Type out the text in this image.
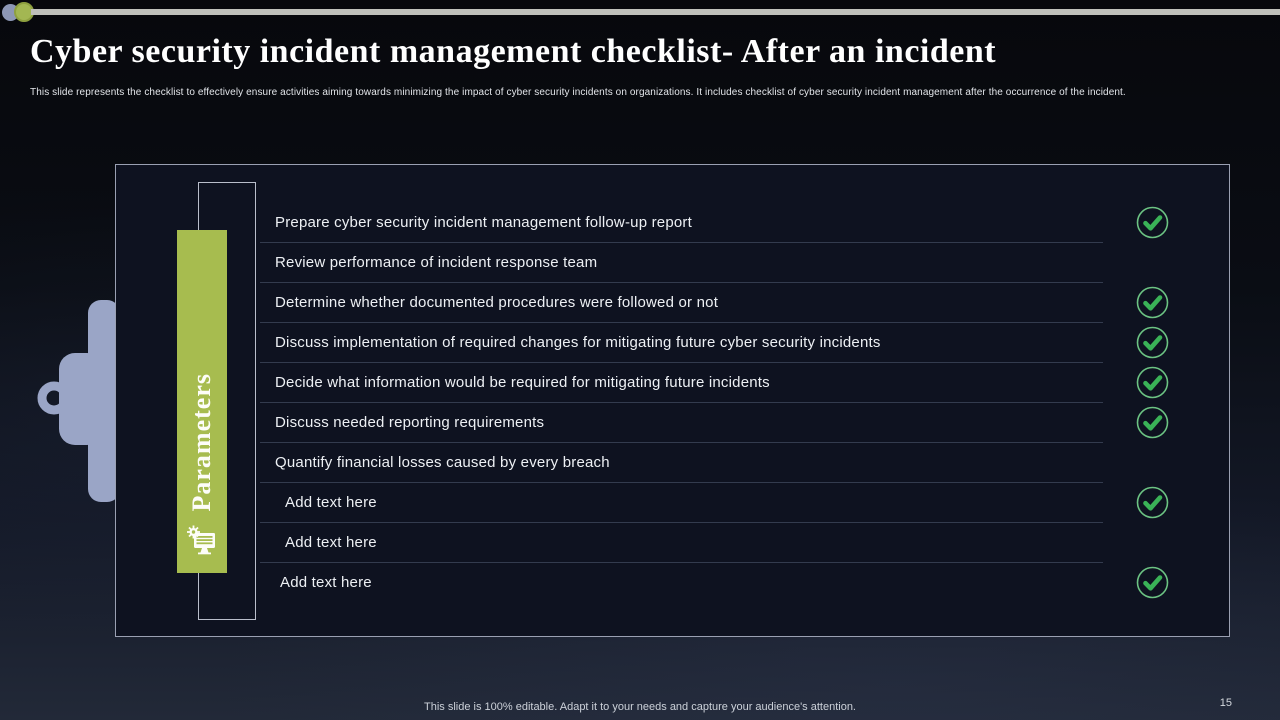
Cyber security incident management checklist- After an incident
This slide represents the checklist to effectively ensure activities aiming towards minimizing the impact of cyber security incidents on organizations. It includes checklist of cyber security incident management after the occurrence of the incident.
Parameters
Prepare cyber security incident management follow-up report
Review performance of incident response team
Determine whether documented procedures were followed or not
Discuss implementation of required changes for mitigating future cyber security incidents
Decide what information would be required for mitigating future incidents
Discuss needed reporting requirements
Quantify financial losses caused by every breach
Add text here
Add text here
Add text here
This slide is 100% editable. Adapt it to your needs and capture your audience's attention.	15
